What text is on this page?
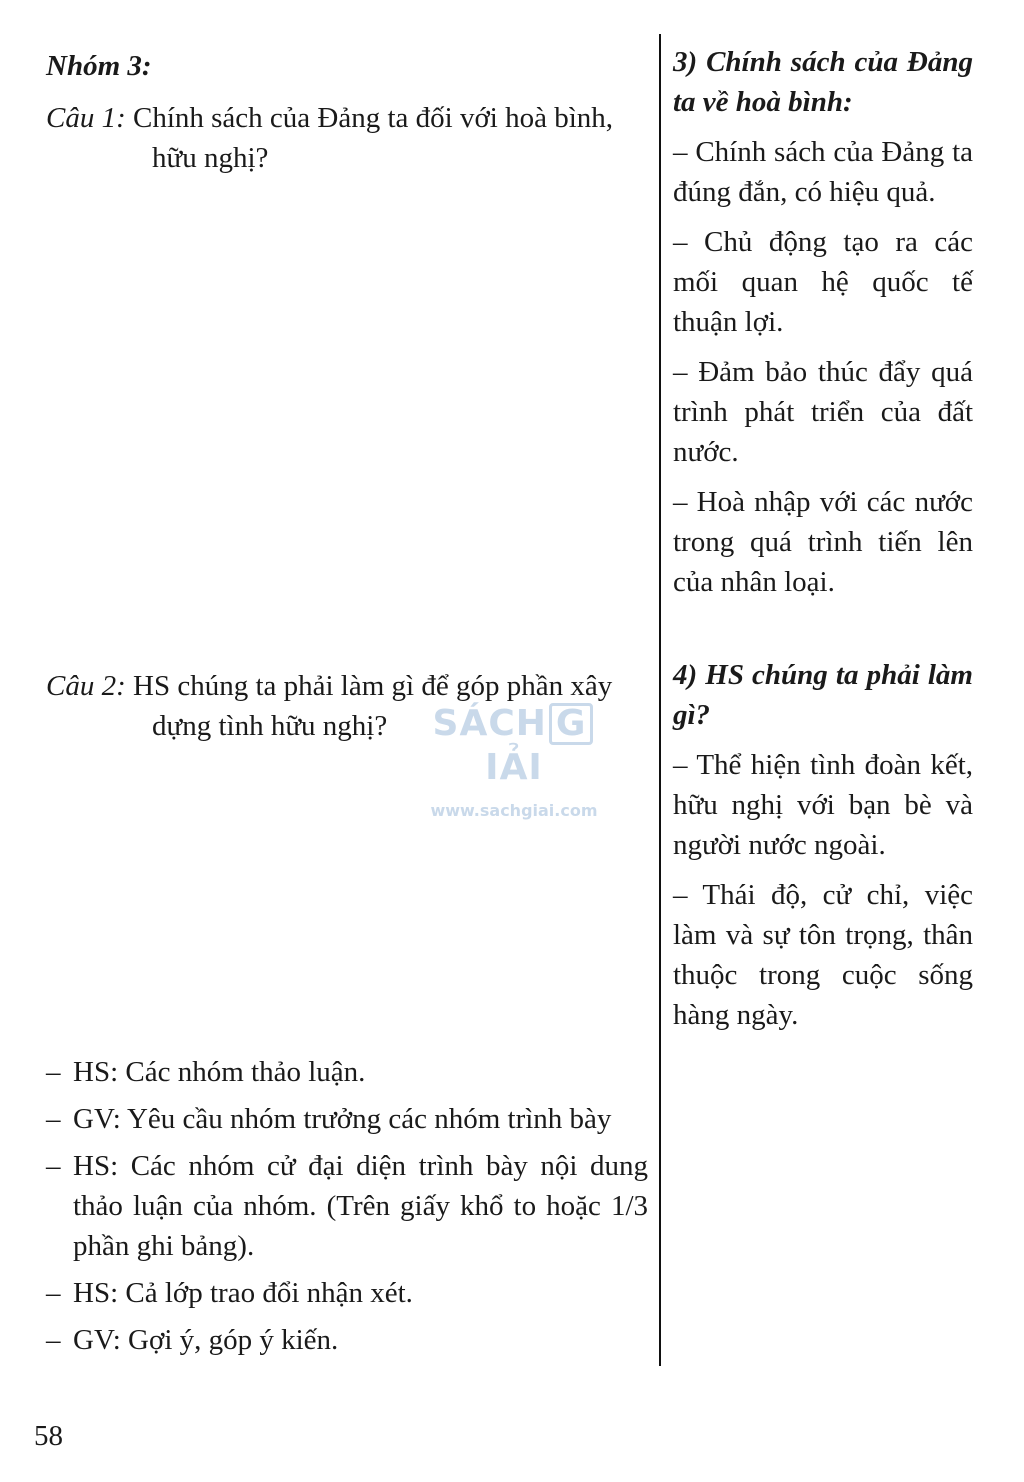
Nhóm 3:
Câu 1: Chính sách của Đảng ta đối với hoà bình,
hữu nghị?
Câu 2: HS chúng ta phải làm gì để góp phần xây
dựng tình hữu nghị?
– HS: Các nhóm thảo luận.
– GV: Yêu cầu nhóm trưởng các nhóm trình bày
– HS: Các nhóm cử đại diện trình bày nội dung thảo luận của nhóm. (Trên giấy khổ to hoặc 1/3 phần ghi bảng).
– HS: Cả lớp trao đổi nhận xét.
– GV: Gợi ý, góp ý kiến.

3) Chính sách của Đảng ta về hoà bình:

– Chính sách của Đảng ta đúng đắn, có hiệu quả.

– Chủ động tạo ra các mối quan hệ quốc tế thuận lợi.

– Đảm bảo thúc đẩy quá trình phát triển của đất nước.

– Hoà nhập với các nước trong quá trình tiến lên của nhân loại.

4) HS chúng ta phải làm gì?

– Thể hiện tình đoàn kết, hữu nghị với bạn bè và người nước ngoài.

– Thái độ, cử chỉ, việc làm và sự tôn trọng, thân thuộc trong cuộc sống hàng ngày.

SÁCH GIẢI
www.sachgiai.com
58
